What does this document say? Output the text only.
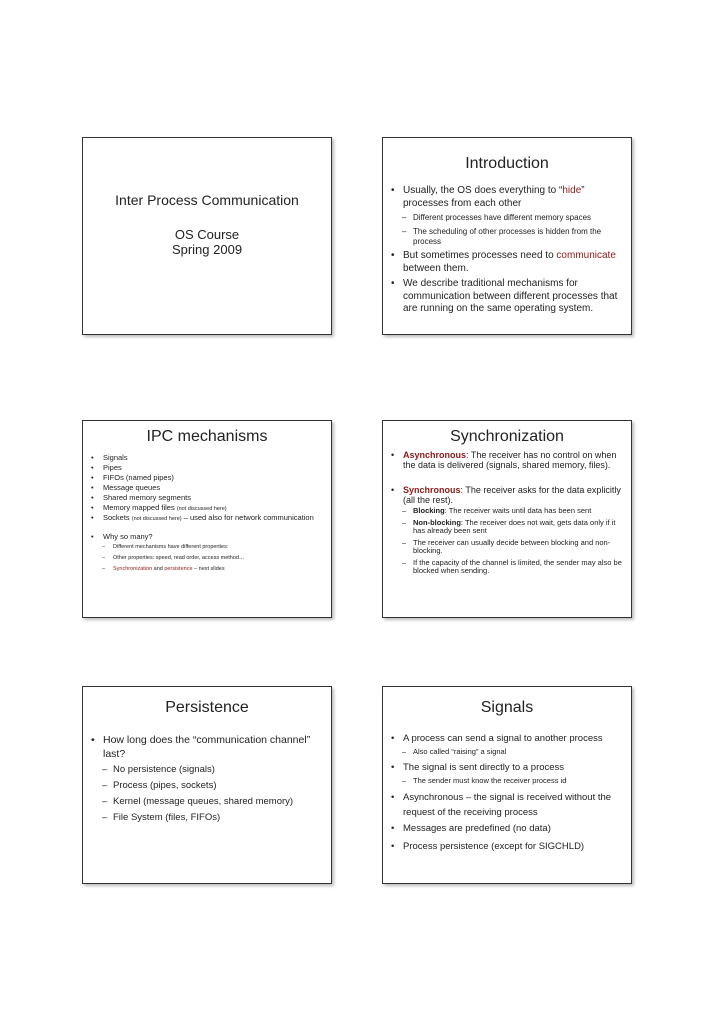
Inter Process Communication
OS Course
Spring 2009
Introduction
• Usually, the OS does everything to “hide” processes from each other
– Different processes have different memory spaces
– The scheduling of other processes is hidden from the process
• But sometimes processes need to communicate between them.
• We describe traditional mechanisms for communication between different processes that are running on the same operating system.
IPC mechanisms
• Signals
• Pipes
• FIFOs (named pipes)
• Message queues
• Shared memory segments
• Memory mapped files (not discussed here)
• Sockets (not discussed here) – used also for network communication
• Why so many?
– Different mechanisms have different properties:
– Other properties: speed, read order, access method…
– Synchronization and persistence – next slides
Synchronization
• Asynchronous: The receiver has no control on when the data is delivered (signals, shared memory, files).
• Synchronous: The receiver asks for the data explicitly (all the rest).
– Blocking: The receiver waits until data has been sent
– Non-blocking: The receiver does not wait, gets data only if it has already been sent
– The receiver can usually decide between blocking and non-blocking.
– If the capacity of the channel is limited, the sender may also be blocked when sending.
Persistence
• How long does the “communication channel” last?
– No persistence (signals)
– Process (pipes, sockets)
– Kernel (message queues, shared memory)
– File System (files, FIFOs)
Signals
• A process can send a signal to another process
– Also called “raising” a signal
• The signal is sent directly to a process
– The sender must know the receiver process id
• Asynchronous – the signal is received without the request of the receiving process
• Messages are predefined (no data)
• Process persistence (except for SIGCHLD)
